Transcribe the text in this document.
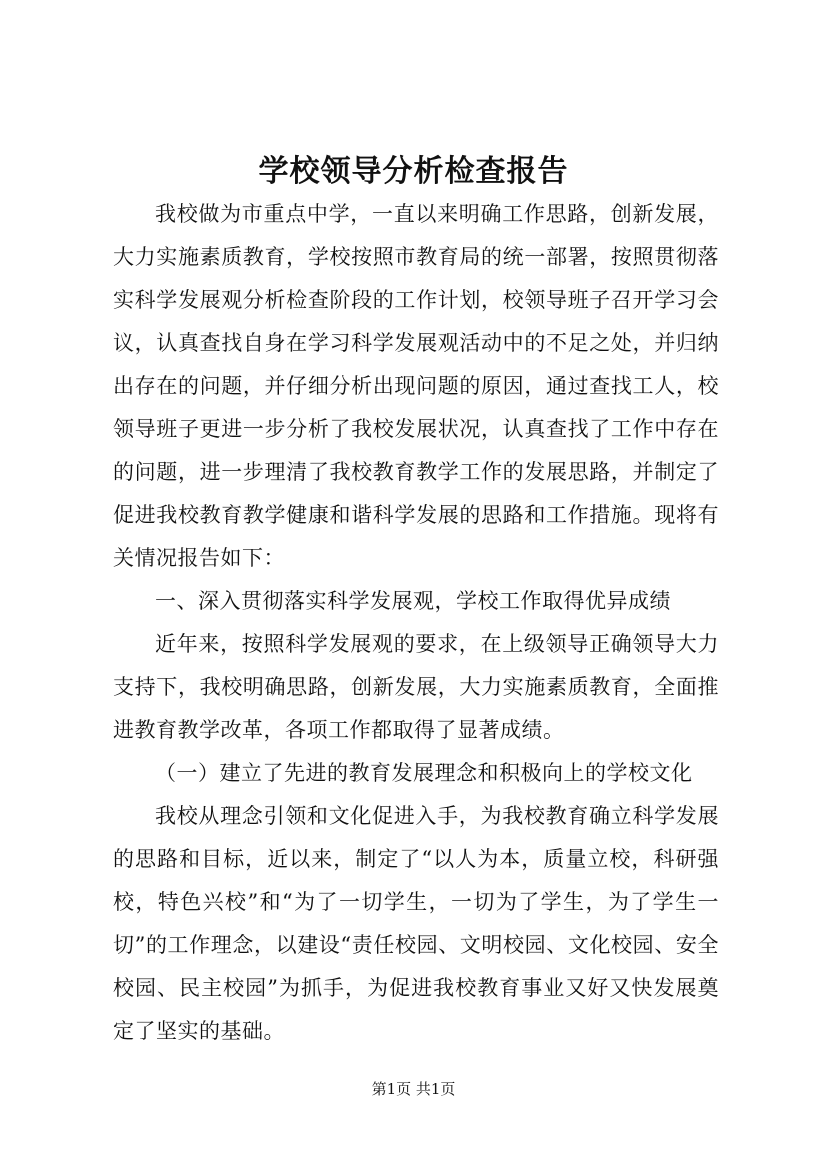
学校领导分析检查报告

我校做为市重点中学，一直以来明确工作思路，创新发展，大力实施素质教育，学校按照市教育局的统一部署，按照贯彻落实科学发展观分析检查阶段的工作计划，校领导班子召开学习会议，认真查找自身在学习科学发展观活动中的不足之处，并归纳出存在的问题，并仔细分析出现问题的原因，通过查找工人，校领导班子更进一步分析了我校发展状况，认真查找了工作中存在的问题，进一步理清了我校教育教学工作的发展思路，并制定了促进我校教育教学健康和谐科学发展的思路和工作措施。现将有关情况报告如下：

一、深入贯彻落实科学发展观，学校工作取得优异成绩

近年来，按照科学发展观的要求，在上级领导正确领导大力支持下，我校明确思路，创新发展，大力实施素质教育，全面推进教育教学改革，各项工作都取得了显著成绩。

（一）建立了先进的教育发展理念和积极向上的学校文化

我校从理念引领和文化促进入手，为我校教育确立科学发展的思路和目标，近以来，制定了“以人为本，质量立校，科研强校，特色兴校”和“为了一切学生，一切为了学生，为了学生一切”的工作理念，以建设“责任校园、文明校园、文化校园、安全校园、民主校园”为抓手，为促进我校教育事业又好又快发展奠定了坚实的基础。

第1页 共1页
